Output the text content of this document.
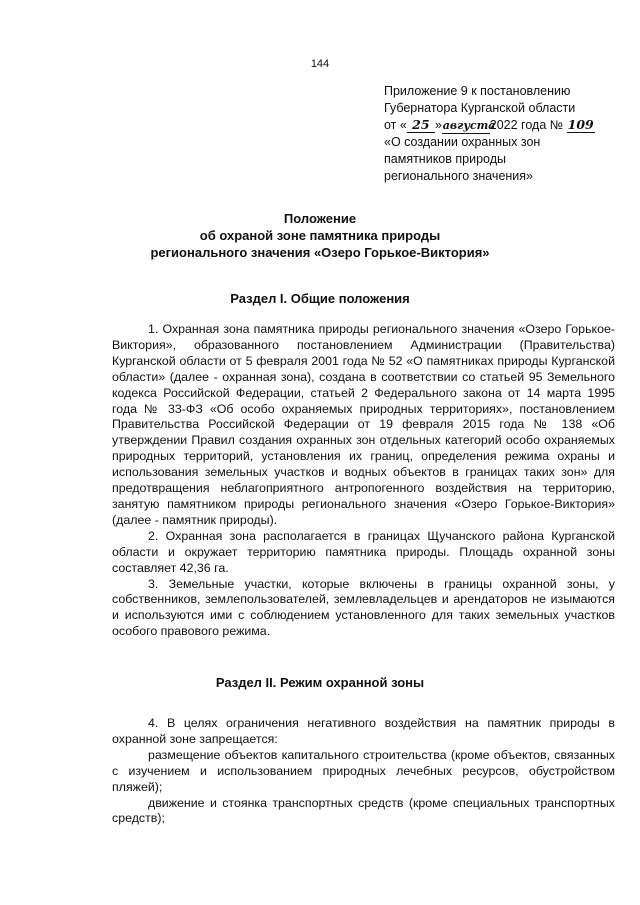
144
Приложение 9 к постановлению
Губернатора Курганской области
от « 25 »августа2022 года № 109
«О создании охранных зон
памятников природы
регионального значения»
Положение
об охраной зоне памятника природы
регионального значения «Озеро Горькое-Виктория»
Раздел I. Общие положения

1. Охранная зона памятника природы регионального значения «Озеро Горькое-Виктория», образованного постановлением Администрации (Правительства) Курганской области от 5 февраля 2001 года № 52 «О памятниках природы Курганской области» (далее - охранная зона), создана в соответствии со статьей 95 Земельного кодекса Российской Федерации, статьей 2 Федерального закона от 14 марта 1995 года № 33-ФЗ «Об особо охраняемых природных территориях», постановлением Правительства Российской Федерации от 19 февраля 2015 года № 138 «Об утверждении Правил создания охранных зон отдельных категорий особо охраняемых природных территорий, установления их границ, определения режима охраны и использования земельных участков и водных объектов в границах таких зон» для предотвращения неблагоприятного антропогенного воздействия на территорию, занятую памятником природы регионального значения «Озеро Горькое-Виктория» (далее - памятник природы).

2. Охранная зона располагается в границах Щучанского района Курганской области и окружает территорию памятника природы. Площадь охранной зоны составляет 42,36 га.

3. Земельные участки, которые включены в границы охранной зоны, у собственников, землепользователей, землевладельцев и арендаторов не изымаются и используются ими с соблюдением установленного для таких земельных участков особого правового режима.

Раздел II. Режим охранной зоны

4. В целях ограничения негативного воздействия на памятник природы в охранной зоне запрещается:

размещение объектов капитального строительства (кроме объектов, связанных с изучением и использованием природных лечебных ресурсов, обустройством пляжей);

движение и стоянка транспортных средств (кроме специальных транспортных средств);
